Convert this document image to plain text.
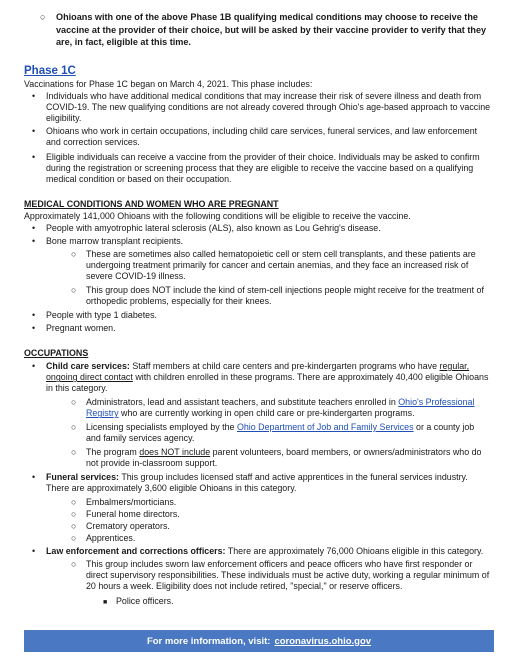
○ Ohioans with one of the above Phase 1B qualifying medical conditions may choose to receive the vaccine at the provider of their choice, but will be asked by their vaccine provider to verify that they are, in fact, eligible at this time.
Phase 1C
Vaccinations for Phase 1C began on March 4, 2021. This phase includes:
• Individuals who have additional medical conditions that may increase their risk of severe illness and death from COVID-19. The new qualifying conditions are not already covered through Ohio's age-based approach to vaccine eligibility.
• Ohioans who work in certain occupations, including child care services, funeral services, and law enforcement and correction services.
• Eligible individuals can receive a vaccine from the provider of their choice. Individuals may be asked to confirm during the registration or screening process that they are eligible to receive the vaccine based on a qualifying medical condition or based on their occupation.
MEDICAL CONDITIONS AND WOMEN WHO ARE PREGNANT
Approximately 141,000 Ohioans with the following conditions will be eligible to receive the vaccine.
• People with amyotrophic lateral sclerosis (ALS), also known as Lou Gehrig's disease.
• Bone marrow transplant recipients.
○ These are sometimes also called hematopoietic cell or stem cell transplants, and these patients are undergoing treatment primarily for cancer and certain anemias, and they face an increased risk of severe COVID-19 illness.
○ This group does NOT include the kind of stem-cell injections people might receive for the treatment of orthopedic problems, especially for their knees.
• People with type 1 diabetes.
• Pregnant women.
OCCUPATIONS
• Child care services: Staff members at child care centers and pre-kindergarten programs who have regular, ongoing direct contact with children enrolled in these programs. There are approximately 40,400 eligible Ohioans in this category.
○ Administrators, lead and assistant teachers, and substitute teachers enrolled in Ohio's Professional Registry who are currently working in open child care or pre-kindergarten programs.
○ Licensing specialists employed by the Ohio Department of Job and Family Services or a county job and family services agency.
○ The program does NOT include parent volunteers, board members, or owners/administrators who do not provide in-classroom support.
• Funeral services: This group includes licensed staff and active apprentices in the funeral services industry. There are approximately 3,600 eligible Ohioans in this category.
○ Embalmers/morticians.
○ Funeral home directors.
○ Crematory operators.
○ Apprentices.
• Law enforcement and corrections officers: There are approximately 76,000 Ohioans eligible in this category.
○ This group includes sworn law enforcement officers and peace officers who have first responder or direct supervisory responsibilities. These individuals must be active duty, working a regular minimum of 20 hours a week. Eligibility does not include retired, "special," or reserve officers.
■ Police officers.
For more information, visit: coronavirus.ohio.gov
